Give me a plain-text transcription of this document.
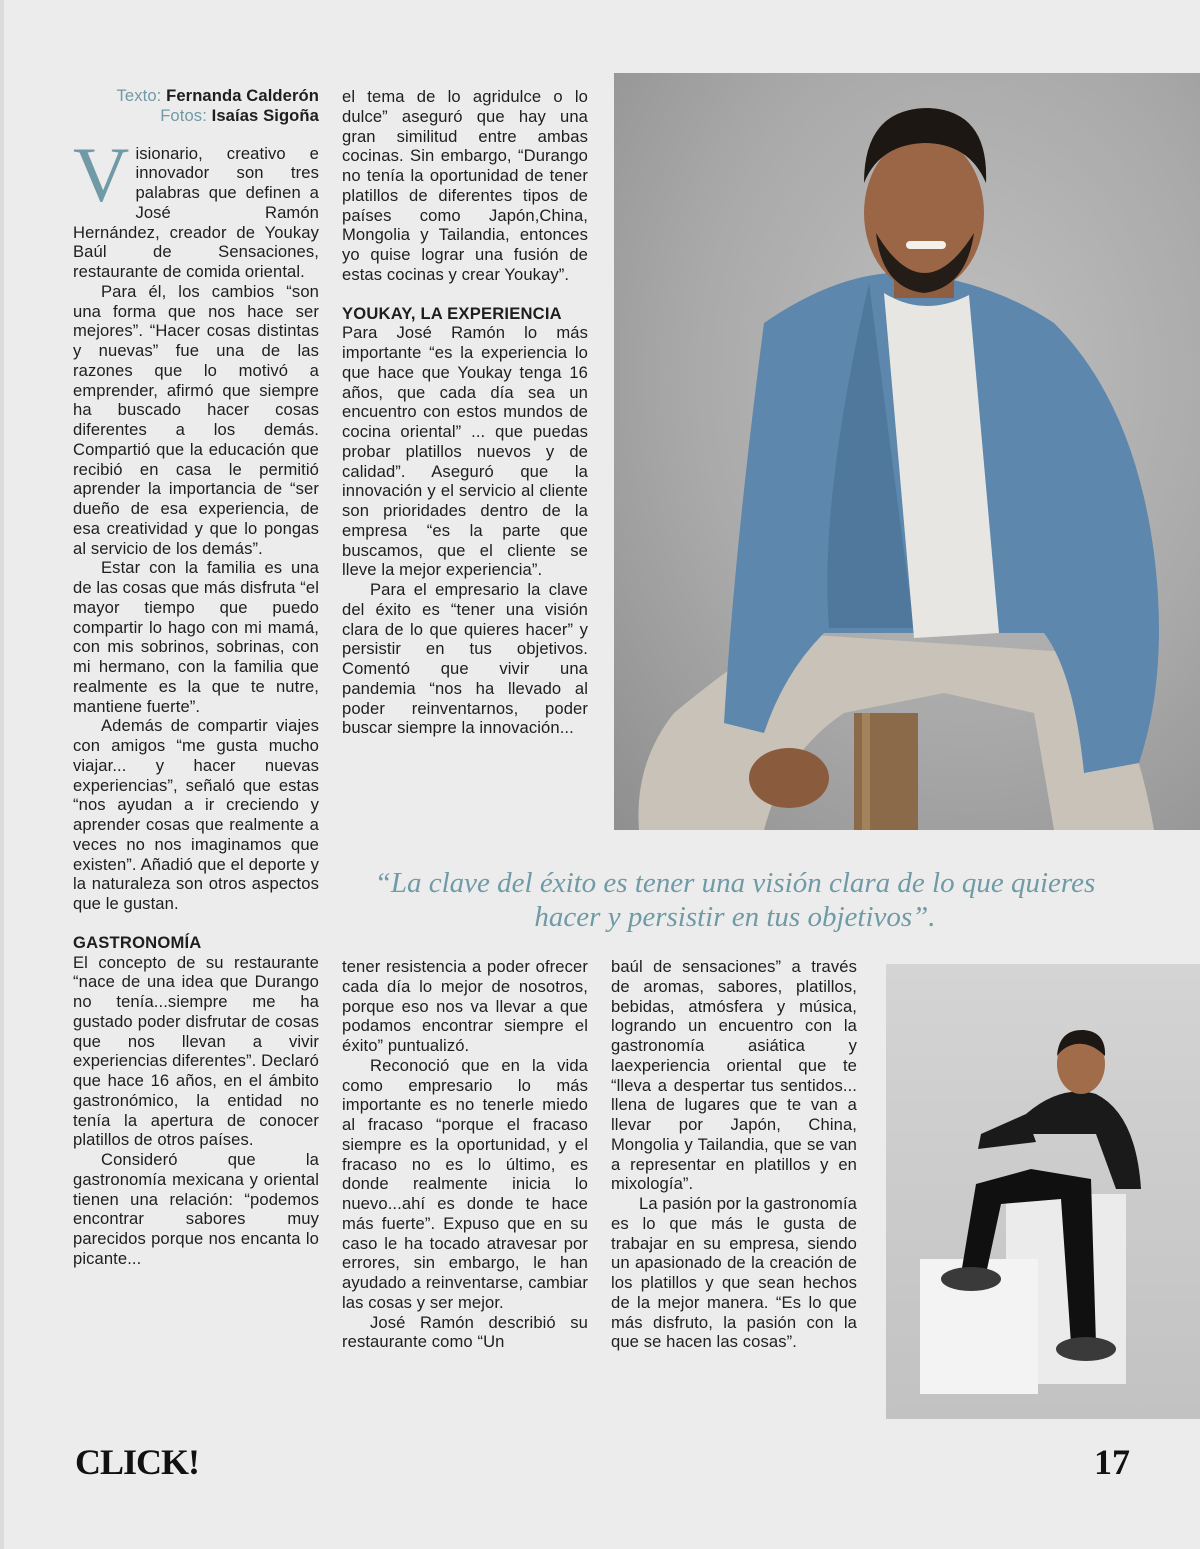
Texto: Fernanda Calderón
Fotos: Isaías Sigoña

Visionario, creativo e innovador son tres palabras que definen a José Ramón Hernández, creador de Youkay Baúl de Sensaciones, restaurante de comida oriental.

Para él, los cambios “son una forma que nos hace ser mejores”. “Hacer cosas distintas y nuevas” fue una de las razones que lo motivó a emprender, afirmó que siempre ha buscado hacer cosas diferentes a los demás. Compartió que la educación que recibió en casa le permitió aprender la importancia de “ser dueño de esa experiencia, de esa creatividad y que lo pongas al servicio de los demás”.

Estar con la familia es una de las cosas que más disfruta “el mayor tiempo que puedo compartir lo hago con mi mamá, con mis sobrinos, sobrinas, con mi hermano, con la familia que realmente es la que te nutre, mantiene fuerte”.

Además de compartir viajes con amigos “me gusta mucho viajar... y hacer nuevas experiencias”, señaló que estas “nos ayudan a ir creciendo y aprender cosas que realmente a veces no nos imaginamos que existen”. Añadió que el deporte y la naturaleza son otros aspectos que le gustan.

GASTRONOMÍA

El concepto de su restaurante “nace de una idea que Durango no tenía...siempre me ha gustado poder disfrutar de cosas que nos llevan a vivir experiencias diferentes”. Declaró que hace 16 años, en el ámbito gastronómico, la entidad no tenía la apertura de conocer platillos de otros países.

Consideró que la gastronomía mexicana y oriental tienen una relación: “podemos encontrar sabores muy parecidos porque nos encanta lo picante...

el tema de lo agridulce o lo dulce” aseguró que hay una gran similitud entre ambas cocinas. Sin embargo, “Durango no tenía la oportunidad de tener platillos de diferentes tipos de países como Japón,China, Mongolia y Tailandia, entonces yo quise lograr una fusión de estas cocinas y crear Youkay”.

YOUKAY, LA EXPERIENCIA

Para José Ramón lo más importante “es la experiencia lo que hace que Youkay tenga 16 años, que cada día sea un encuentro con estos mundos de cocina oriental” ... que puedas probar platillos nuevos y de calidad”. Aseguró que la innovación y el servicio al cliente son prioridades dentro de la empresa “es la parte que buscamos, que el cliente se lleve la mejor experiencia”.

Para el empresario la clave del éxito es “tener una visión clara de lo que quieres hacer” y persistir en tus objetivos. Comentó que vivir una pandemia “nos ha llevado al poder reinventarnos, poder buscar siempre la innovación...

“La clave del éxito es tener una visión clara de lo que quieres hacer y persistir en tus objetivos”.

tener resistencia a poder ofrecer cada día lo mejor de nosotros, porque eso nos va llevar a que podamos encontrar siempre el éxito” puntualizó.

Reconoció que en la vida como empresario lo más importante es no tenerle miedo al fracaso “porque el fracaso siempre es la oportunidad, y el fracaso no es lo último, es donde realmente inicia lo nuevo...ahí es donde te hace más fuerte”. Expuso que en su caso le ha tocado atravesar por errores, sin embargo, le han ayudado a reinventarse, cambiar las cosas y ser mejor.

José Ramón describió su restaurante como “Un

baúl de sensaciones” a través de aromas, sabores, platillos, bebidas, atmósfera y música, logrando un encuentro con la gastronomía asiática y laexperiencia oriental que te “lleva a despertar tus sentidos... llena de lugares que te van a llevar por Japón, China, Mongolia y Tailandia, que se van a representar en platillos y en mixología”.

La pasión por la gastronomía es lo que más le gusta de trabajar en su empresa, siendo un apasionado de la creación de los platillos y que sean hechos de la mejor manera. “Es lo que más disfruto, la pasión con la que se hacen las cosas”.

CLICK!	17
